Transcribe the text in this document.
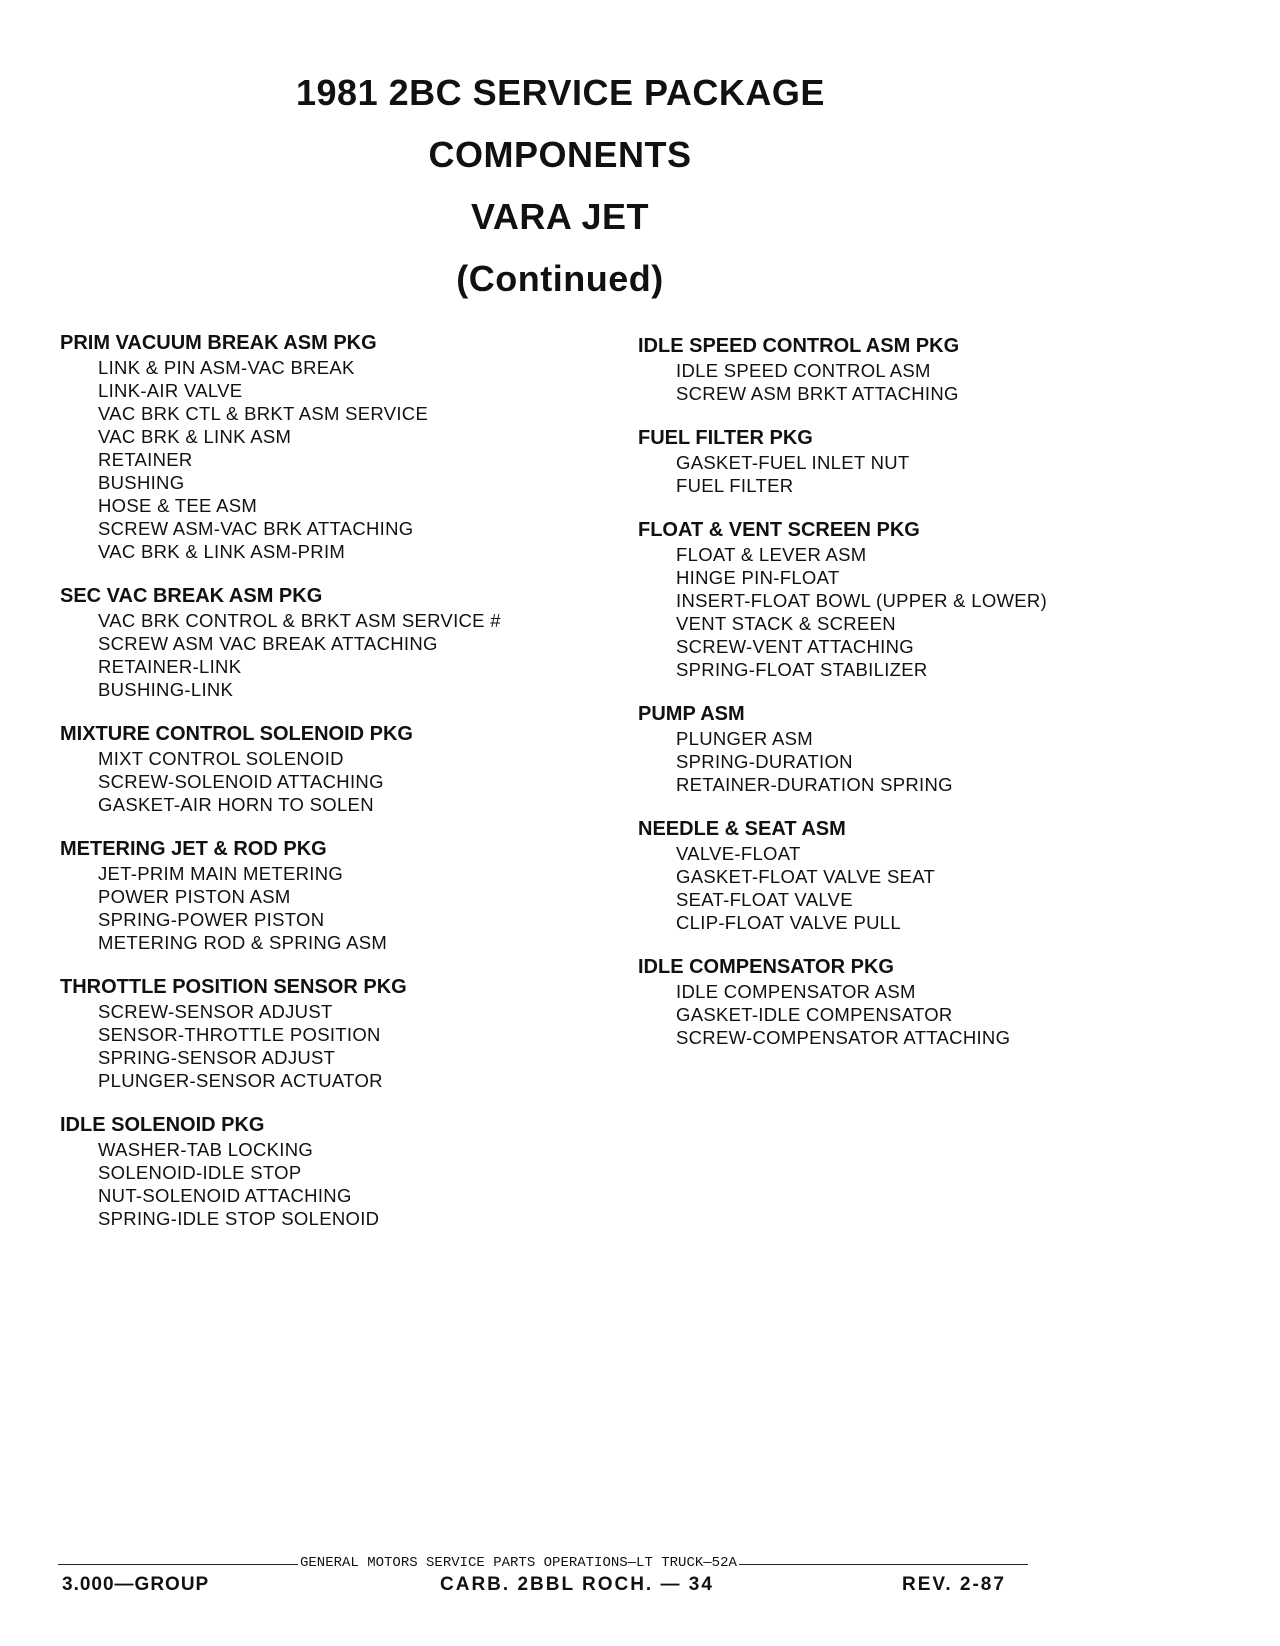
1981 2BC SERVICE PACKAGE
COMPONENTS
VARA JET
(Continued)
PRIM VACUUM BREAK ASM PKG
LINK & PIN ASM-VAC BREAK
LINK-AIR VALVE
VAC BRK CTL & BRKT ASM SERVICE
VAC BRK & LINK ASM
RETAINER
BUSHING
HOSE & TEE ASM
SCREW ASM-VAC BRK ATTACHING
VAC BRK & LINK ASM-PRIM
SEC VAC BREAK ASM PKG
VAC BRK CONTROL & BRKT ASM SERVICE #
SCREW ASM VAC BREAK ATTACHING
RETAINER-LINK
BUSHING-LINK
MIXTURE CONTROL SOLENOID PKG
MIXT CONTROL SOLENOID
SCREW-SOLENOID ATTACHING
GASKET-AIR HORN TO SOLEN
METERING JET & ROD PKG
JET-PRIM MAIN METERING
POWER PISTON ASM
SPRING-POWER PISTON
METERING ROD & SPRING ASM
THROTTLE POSITION SENSOR PKG
SCREW-SENSOR ADJUST
SENSOR-THROTTLE POSITION
SPRING-SENSOR ADJUST
PLUNGER-SENSOR ACTUATOR
IDLE SOLENOID PKG
WASHER-TAB LOCKING
SOLENOID-IDLE STOP
NUT-SOLENOID ATTACHING
SPRING-IDLE STOP SOLENOID
IDLE SPEED CONTROL ASM PKG
IDLE SPEED CONTROL ASM
SCREW ASM BRKT ATTACHING
FUEL FILTER PKG
GASKET-FUEL INLET NUT
FUEL FILTER
FLOAT & VENT SCREEN PKG
FLOAT & LEVER ASM
HINGE PIN-FLOAT
INSERT-FLOAT BOWL (UPPER & LOWER)
VENT STACK & SCREEN
SCREW-VENT ATTACHING
SPRING-FLOAT STABILIZER
PUMP ASM
PLUNGER ASM
SPRING-DURATION
RETAINER-DURATION SPRING
NEEDLE & SEAT ASM
VALVE-FLOAT
GASKET-FLOAT VALVE SEAT
SEAT-FLOAT VALVE
CLIP-FLOAT VALVE PULL
IDLE COMPENSATOR PKG
IDLE COMPENSATOR ASM
GASKET-IDLE COMPENSATOR
SCREW-COMPENSATOR ATTACHING
GENERAL MOTORS SERVICE PARTS OPERATIONS—LT TRUCK—52A
3.000—GROUP	CARB. 2BBL ROCH. — 34	REV. 2-87
